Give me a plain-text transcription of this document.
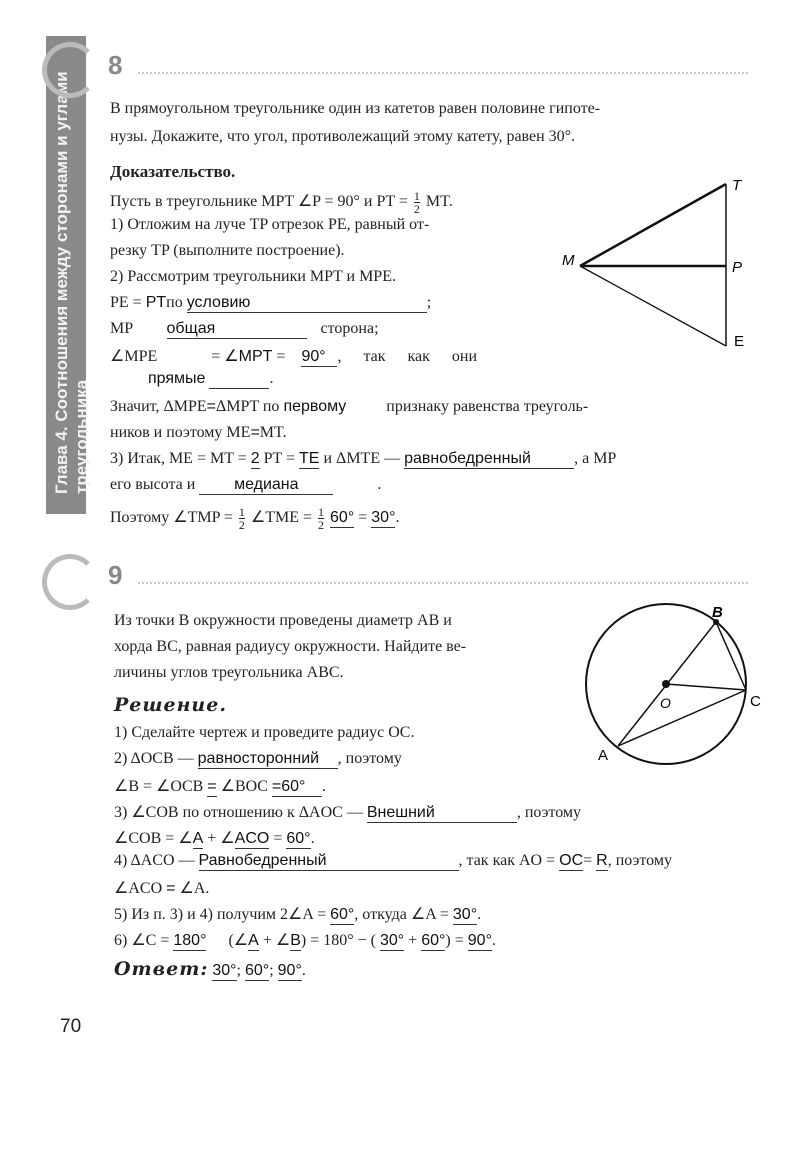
Глава 4. Соотношения между сторонами и углами треугольника
8
В прямоугольном треугольнике один из катетов равен половине гипоте-
нузы. Докажите, что угол, противолежащий этому катету, равен 30°.
Доказательство.
Пусть в треугольнике MPT ∠P = 90° и PT = $\frac{1}{2}$ MT.
1) Отложим на луче TP отрезок PE, равный от-
резку TP (выполните построение).
2) Рассмотрим треугольники MPT и MPE.
PE = PTпо условию	;
MP общая	сторона;
∠MPE	= ∠MPT = 90° , так как они
прямые	.
Значит, ΔMPE=ΔMPT по первому	признаку равенства треуголь-
ников и поэтому ME=MT.
3) Итак, ME = MT = 2 PT = TE и ΔMTE — равнобедренный	, а MP
его высота и медиана	.
Поэтому ∠TMP = $\frac{1}{2}$ ∠TME = $\frac{1}{2} 60^\circ = 30^\circ$.
T
M	P
E
9
Из точки B окружности проведены диаметр AB и
хорда BC, равная радиусу окружности. Найдите ве-
личины углов треугольника ABC.
Решение.
1) Сделайте чертеж и проведите радиус OC.
2) ΔOCB — равносторонний , поэтому
∠B = ∠OCB = ∠BOC =60° .
3) ∠COB по отношению к ΔAOC — Внешний	, поэтому
∠COB = ∠A + ∠ACO = 60°.
4) ΔACO — Равнобедренный	, так как AO = OC= R, поэтому
∠ACO = ∠A.
5) Из п. 3) и 4) получим 2∠A = 60°, откуда ∠A = 30°.
6) ∠C = 180° (∠A + ∠B) = 180° − ( 30° + 60°) = 90°.
Ответ: 30°; 60°; 90°.
B
O	C
A
70
